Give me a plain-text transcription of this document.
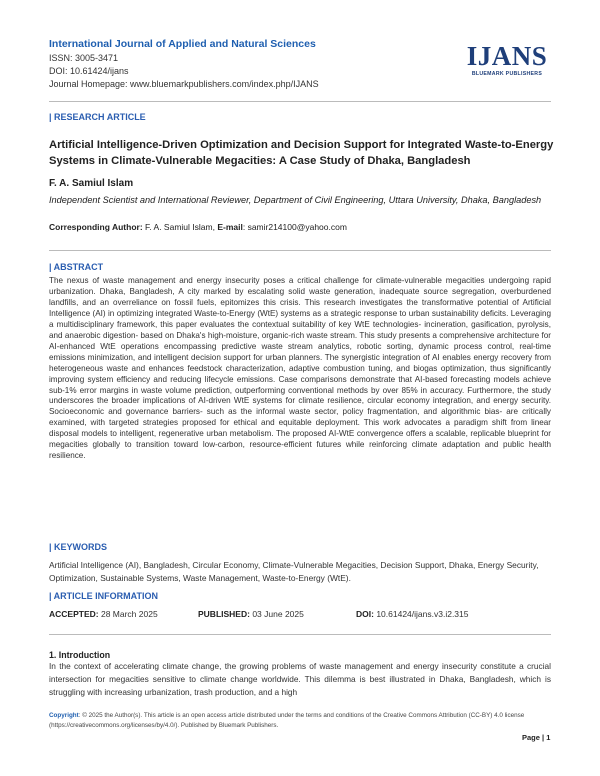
International Journal of Applied and Natural Sciences
ISSN: 3005-3471
DOI: 10.61424/ijans
Journal Homepage: www.bluemarkpublishers.com/index.php/IJANS
IJANS
BLUEMARK PUBLISHERS
| RESEARCH ARTICLE
Artificial Intelligence-Driven Optimization and Decision Support for Integrated Waste-to-Energy Systems in Climate-Vulnerable Megacities: A Case Study of Dhaka, Bangladesh
F. A. Samiul Islam
Independent Scientist and International Reviewer, Department of Civil Engineering, Uttara University, Dhaka, Bangladesh
Corresponding Author: F. A. Samiul Islam, E-mail: samir214100@yahoo.com
| ABSTRACT
The nexus of waste management and energy insecurity poses a critical challenge for climate-vulnerable megacities undergoing rapid urbanization. Dhaka, Bangladesh, A city marked by escalating solid waste generation, inadequate source segregation, overburdened landfills, and an overreliance on fossil fuels, epitomizes this crisis. This research investigates the transformative potential of Artificial Intelligence (AI) in optimizing integrated Waste-to-Energy (WtE) systems as a strategic response to urban sustainability deficits. Leveraging a multidisciplinary framework, this paper evaluates the contextual suitability of key WtE technologies- incineration, gasification, pyrolysis, and anaerobic digestion- based on Dhaka's high-moisture, organic-rich waste stream. This study presents a comprehensive architecture for AI-enhanced WtE operations encompassing predictive waste stream analytics, robotic sorting, dynamic process control, real-time emissions minimization, and intelligent decision support for urban planners. The synergistic integration of AI enables energy recovery from heterogeneous waste and enhances feedstock characterization, adaptive combustion tuning, and biogas optimization, thus significantly improving system efficiency and reducing lifecycle emissions. Case comparisons demonstrate that AI-based forecasting models achieve sub-1% error margins in waste volume prediction, outperforming conventional methods by over 85% in accuracy. Furthermore, the study underscores the broader implications of AI-driven WtE systems for climate resilience, circular economy integration, and energy security. Socioeconomic and governance barriers- such as the informal waste sector, policy fragmentation, and algorithmic bias- are critically examined, with targeted strategies proposed for ethical and equitable deployment. This work advocates a paradigm shift from linear disposal models to intelligent, regenerative urban metabolism. The proposed AI-WtE convergence offers a scalable, replicable blueprint for megacities globally to transition toward low-carbon, resource-efficient futures while reinforcing climate adaptation and public health resilience.
| KEYWORDS
Artificial Intelligence (AI), Bangladesh, Circular Economy, Climate-Vulnerable Megacities, Decision Support, Dhaka, Energy Security, Optimization, Sustainable Systems, Waste Management, Waste-to-Energy (WtE).
| ARTICLE INFORMATION
ACCEPTED: 28 March 2025	PUBLISHED: 03 June 2025	DOI: 10.61424/ijans.v3.i2.315
1. Introduction
In the context of accelerating climate change, the growing problems of waste management and energy insecurity constitute a crucial intersection for megacities sensitive to climate change worldwide. This dilemma is best illustrated in Dhaka, Bangladesh, which is struggling with increasing urbanization, trash production, and a high
Copyright: © 2025 the Author(s). This article is an open access article distributed under the terms and conditions of the Creative Commons Attribution (CC-BY) 4.0 license (https://creativecommons.org/licenses/by/4.0/). Published by Bluemark Publishers.
Page | 1
